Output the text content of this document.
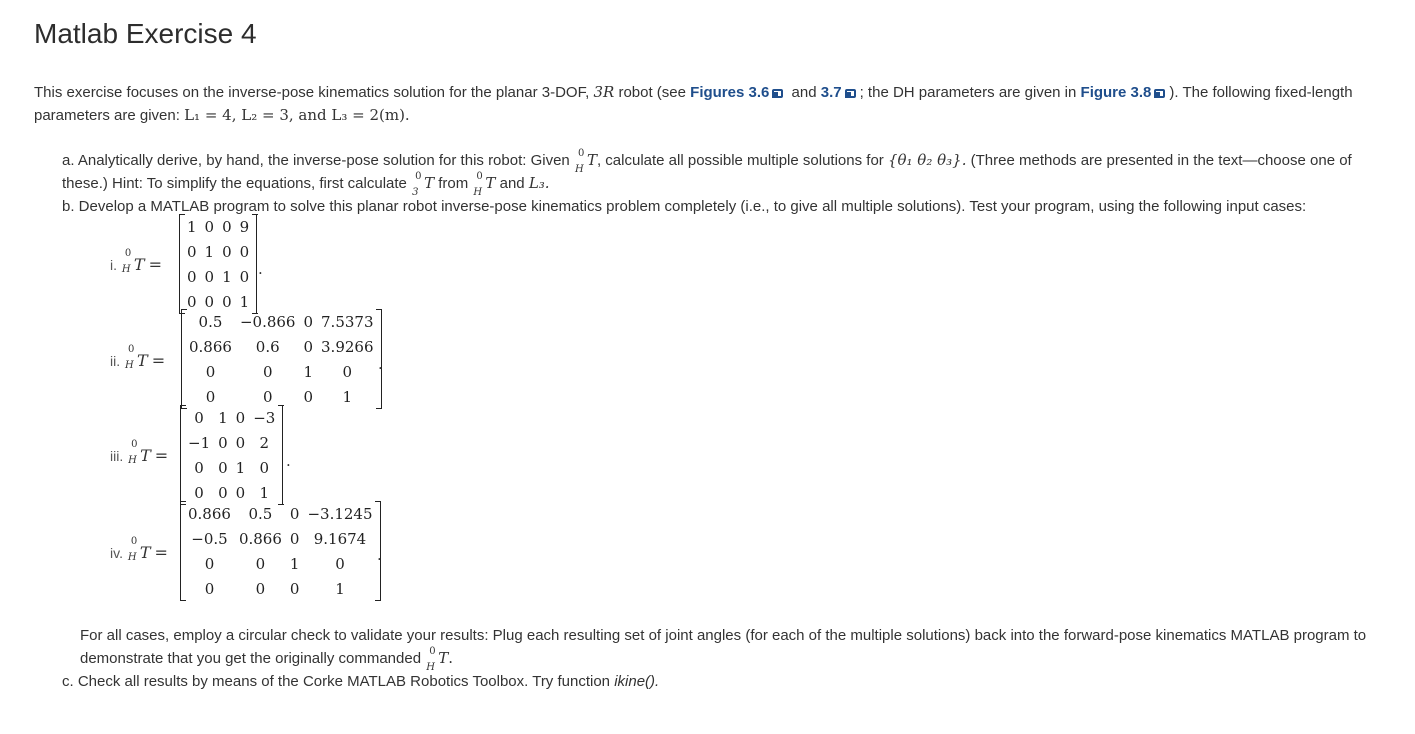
Matlab Exercise 4
This exercise focuses on the inverse-pose kinematics solution for the planar 3-DOF, 3R robot (see Figures 3.6 and 3.7 ; the DH parameters are given in Figure 3.8 ). The following fixed-length parameters are given: L₁ = 4, L₂ = 3, and L₃ = 2(m).
a. Analytically derive, by hand, the inverse-pose solution for this robot: Given 0
H
T, calculate all possible multiple solutions for {θ₁ θ₂ θ₃}. (Three methods are presented in the text—choose one of these.) Hint: To simplify the equations, first calculate 0
3
T from 0
H
T and L₃.
b. Develop a MATLAB program to solve this planar robot inverse-pose kinematics problem completely (i.e., to give all multiple solutions). Test your program, using the following input cases:
i.
0
H T =
1	0	0	9
0	1	0	0
0	0	1	0
0	0	0	1
.
ii.
0
H T =
0.5	−0.866	0	7.5373
0.866	0.6	0	3.9266
0	0	1	0
0	0	0	1
.
iii.
0
H T =
0	1	0	−3
−1	0	0	2
0	0	1	0
0	0	0	1
.
iv.
0
H T =
0.866	0.5	0	−3.1245
−0.5	0.866	0	9.1674
0	0	1	0
0	0	0	1
.
For all cases, employ a circular check to validate your results: Plug each resulting set of joint angles (for each of the multiple solutions) back into the forward-pose kinematics MATLAB program to demonstrate that you get the originally commanded 0
H
T.
c. Check all results by means of the Corke MATLAB Robotics Toolbox. Try function ikine().
